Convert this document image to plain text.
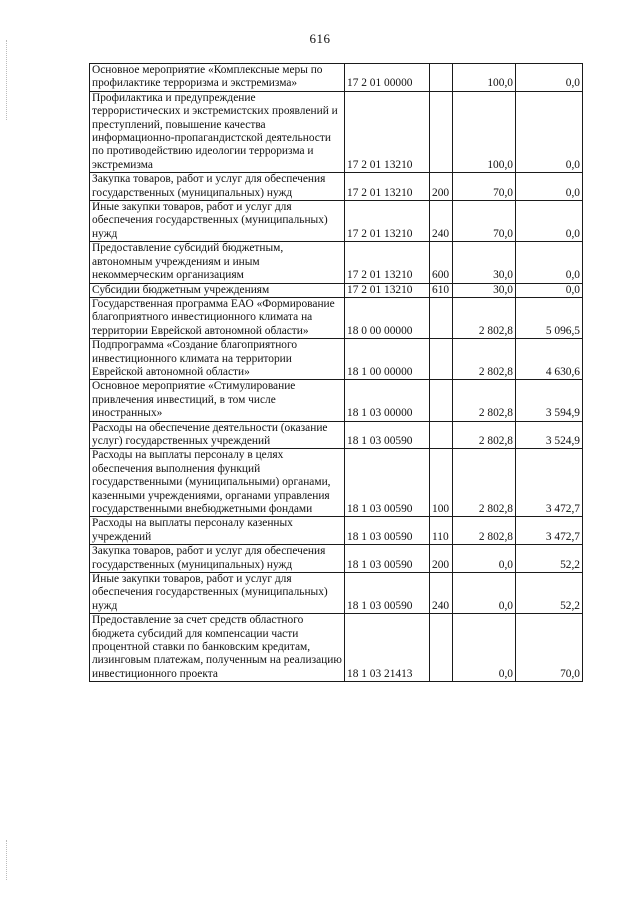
616
Основное мероприятие «Комплексные меры по профилактике терроризма и экстремизма»	17 2 01 00000		100,0	0,0
Профилактика и предупреждение террористических и экстремистских проявлений и преступлений, повышение качества информационно-пропагандистской деятельности по противодействию идеологии терроризма и экстремизма	17 2 01 13210		100,0	0,0
Закупка товаров, работ и услуг для обеспечения государственных (муниципальных) нужд	17 2 01 13210	200	70,0	0,0
Иные закупки товаров, работ и услуг для обеспечения государственных (муниципальных) нужд	17 2 01 13210	240	70,0	0,0
Предоставление субсидий бюджетным, автономным учреждениям и иным некоммерческим организациям	17 2 01 13210	600	30,0	0,0
Субсидии бюджетным учреждениям	17 2 01 13210	610	30,0	0,0
Государственная программа ЕАО «Формирование благоприятного инвестиционного климата на территории Еврейской автономной области»	18 0 00 00000		2 802,8	5 096,5
Подпрограмма «Создание благоприятного инвестиционного климата на территории Еврейской автономной области»	18 1 00 00000		2 802,8	4 630,6
Основное мероприятие «Стимулирование привлечения инвестиций, в том числе иностранных»	18 1 03 00000		2 802,8	3 594,9
Расходы на обеспечение деятельности (оказание услуг) государственных учреждений	18 1 03 00590		2 802,8	3 524,9
Расходы на выплаты персоналу в целях обеспечения выполнения функций государственными (муниципальными) органами, казенными учреждениями, органами управления государственными внебюджетными фондами	18 1 03 00590	100	2 802,8	3 472,7
Расходы на выплаты персоналу казенных учреждений	18 1 03 00590	110	2 802,8	3 472,7
Закупка товаров, работ и услуг для обеспечения государственных (муниципальных) нужд	18 1 03 00590	200	0,0	52,2
Иные закупки товаров, работ и услуг для обеспечения государственных (муниципальных) нужд	18 1 03 00590	240	0,0	52,2
Предоставление за счет средств областного бюджета субсидий для компенсации части процентной ставки по банковским кредитам, лизинговым платежам, полученным на реализацию инвестиционного проекта	18 1 03 21413		0,0	70,0
